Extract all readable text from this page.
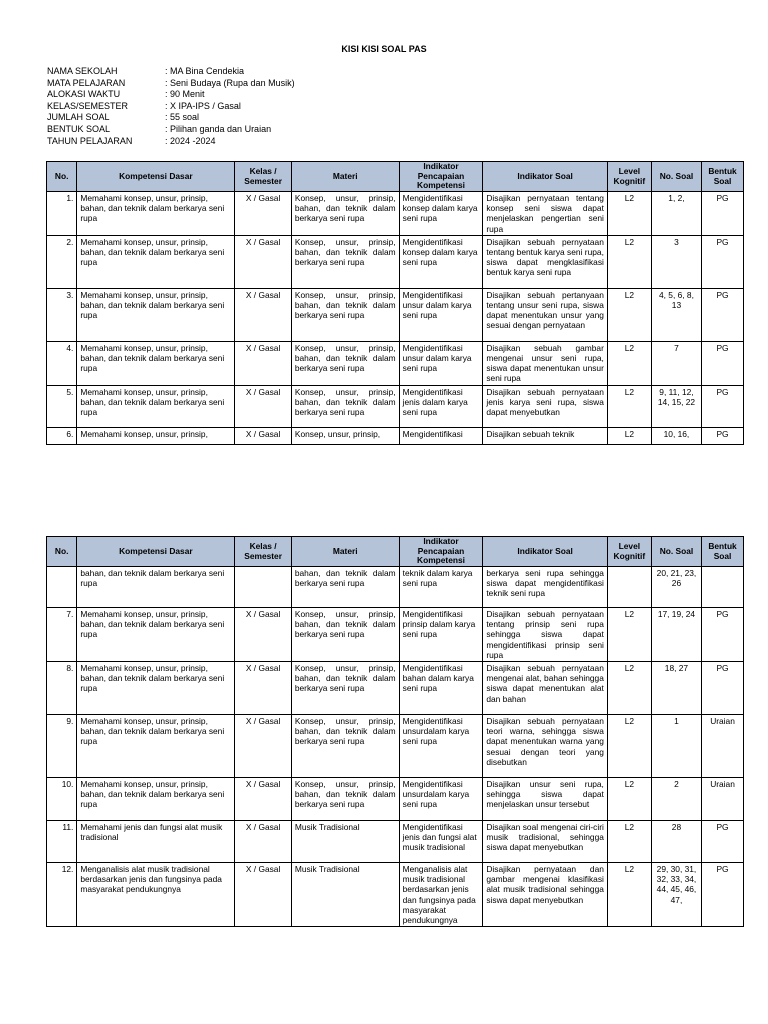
KISI KISI SOAL PAS
NAMA SEKOLAH	: MA Bina Cendekia
MATA PELAJARAN	: Seni Budaya (Rupa dan Musik)
ALOKASI WAKTU	: 90 Menit
KELAS/SEMESTER	: X IPA-IPS / Gasal
JUMLAH SOAL	: 55 soal
BENTUK SOAL	: Pilihan ganda dan Uraian
TAHUN PELAJARAN	: 2024 -2024
No.	Kompetensi Dasar	Kelas / Semester	Materi	Indikator Pencapaian Kompetensi	Indikator Soal	Level Kognitif	No. Soal	Bentuk Soal
1.	Memahami konsep, unsur, prinsip, bahan, dan teknik dalam berkarya seni rupa	X / Gasal	Konsep, unsur, prinsip, bahan, dan teknik dalam berkarya seni rupa	Mengidentifikasi konsep dalam karya seni rupa	Disajikan pernyataan tentang konsep seni siswa dapat menjelaskan pengertian seni rupa	L2	1, 2,	PG
2.	Memahami konsep, unsur, prinsip, bahan, dan teknik dalam berkarya seni rupa	X / Gasal	Konsep, unsur, prinsip, bahan, dan teknik dalam berkarya seni rupa	Mengidentifikasi konsep dalam karya seni rupa	Disajikan sebuah pernyataan tentang bentuk karya seni rupa, siswa dapat mengklasifikasi bentuk karya seni rupa	L2	3	PG
3.	Memahami konsep, unsur, prinsip, bahan, dan teknik dalam berkarya seni rupa	X / Gasal	Konsep, unsur, prinsip, bahan, dan teknik dalam berkarya seni rupa	Mengidentifikasi unsur dalam karya seni rupa	Disajikan sebuah pertanyaan tentang unsur seni rupa, siswa dapat menentukan unsur yang sesuai dengan pernyataan	L2	4, 5, 6, 8, 13	PG
4.	Memahami konsep, unsur, prinsip, bahan, dan teknik dalam berkarya seni rupa	X / Gasal	Konsep, unsur, prinsip, bahan, dan teknik dalam berkarya seni rupa	Mengidentifikasi unsur dalam karya seni rupa	Disajikan sebuah gambar mengenai unsur seni rupa, siswa dapat menentukan unsur seni rupa	L2	7	PG
5.	Memahami konsep, unsur, prinsip, bahan, dan teknik dalam berkarya seni rupa	X / Gasal	Konsep, unsur, prinsip, bahan, dan teknik dalam berkarya seni rupa	Mengidentifikasi jenis dalam karya seni rupa	Disajikan sebuah pernyataan jenis karya seni rupa, siswa dapat menyebutkan	L2	9, 11, 12, 14, 15, 22	PG
6.	Memahami konsep, unsur, prinsip,	X / Gasal	Konsep, unsur, prinsip,	Mengidentifikasi	Disajikan sebuah teknik	L2	10, 16,	PG
No.	Kompetensi Dasar	Kelas / Semester	Materi	Indikator Pencapaian Kompetensi	Indikator Soal	Level Kognitif	No. Soal	Bentuk Soal
	bahan, dan teknik dalam berkarya seni rupa		bahan, dan teknik dalam berkarya seni rupa	teknik dalam karya seni rupa	berkarya seni rupa sehingga siswa dapat mengidentifikasi teknik seni rupa		20, 21, 23, 26	
7.	Memahami konsep, unsur, prinsip, bahan, dan teknik dalam berkarya seni rupa	X / Gasal	Konsep, unsur, prinsip, bahan, dan teknik dalam berkarya seni rupa	Mengidentifikasi prinsip dalam karya seni rupa	Disajikan sebuah pernyataan tentang prinsip seni rupa sehingga siswa dapat mengidentifikasi prinsip seni rupa	L2	17, 19, 24	PG
8.	Memahami konsep, unsur, prinsip, bahan, dan teknik dalam berkarya seni rupa	X / Gasal	Konsep, unsur, prinsip, bahan, dan teknik dalam berkarya seni rupa	Mengidentifikasi bahan dalam karya seni rupa	Disajikan sebuah pernyataan mengenai alat, bahan sehingga siswa dapat menentukan alat dan bahan	L2	18, 27	PG
9.	Memahami konsep, unsur, prinsip, bahan, dan teknik dalam berkarya seni rupa	X / Gasal	Konsep, unsur, prinsip, bahan, dan teknik dalam berkarya seni rupa	Mengidentifikasi unsurdalam karya seni rupa	Disajikan sebuah pernyataan teori warna, sehingga siswa dapat menentukan warna yang sesuai dengan teori yang disebutkan	L2	1	Uraian
10.	Memahami konsep, unsur, prinsip, bahan, dan teknik dalam berkarya seni rupa	X / Gasal	Konsep, unsur, prinsip, bahan, dan teknik dalam berkarya seni rupa	Mengidentifikasi unsurdalam karya seni rupa	Disajikan unsur seni rupa, sehingga siswa dapat menjelaskan unsur tersebut	L2	2	Uraian
11.	Memahami jenis dan fungsi alat musik tradisional	X / Gasal	Musik Tradisional	Mengidentifikasi jenis dan fungsi alat musik tradisional	Disajikan soal mengenai ciri-ciri musik tradisional, sehingga siswa dapat menyebutkan	L2	28	PG
12.	Menganalisis alat musik tradisional berdasarkan jenis dan fungsinya pada masyarakat pendukungnya	X / Gasal	Musik Tradisional	Menganalisis alat musik tradisional berdasarkan jenis dan fungsinya pada masyarakat pendukungnya	Disajikan pernyataan dan gambar mengenai klasifikasi alat musik tradisional sehingga siswa dapat menyebutkan	L2	29, 30, 31, 32, 33, 34, 44, 45, 46, 47,	PG
